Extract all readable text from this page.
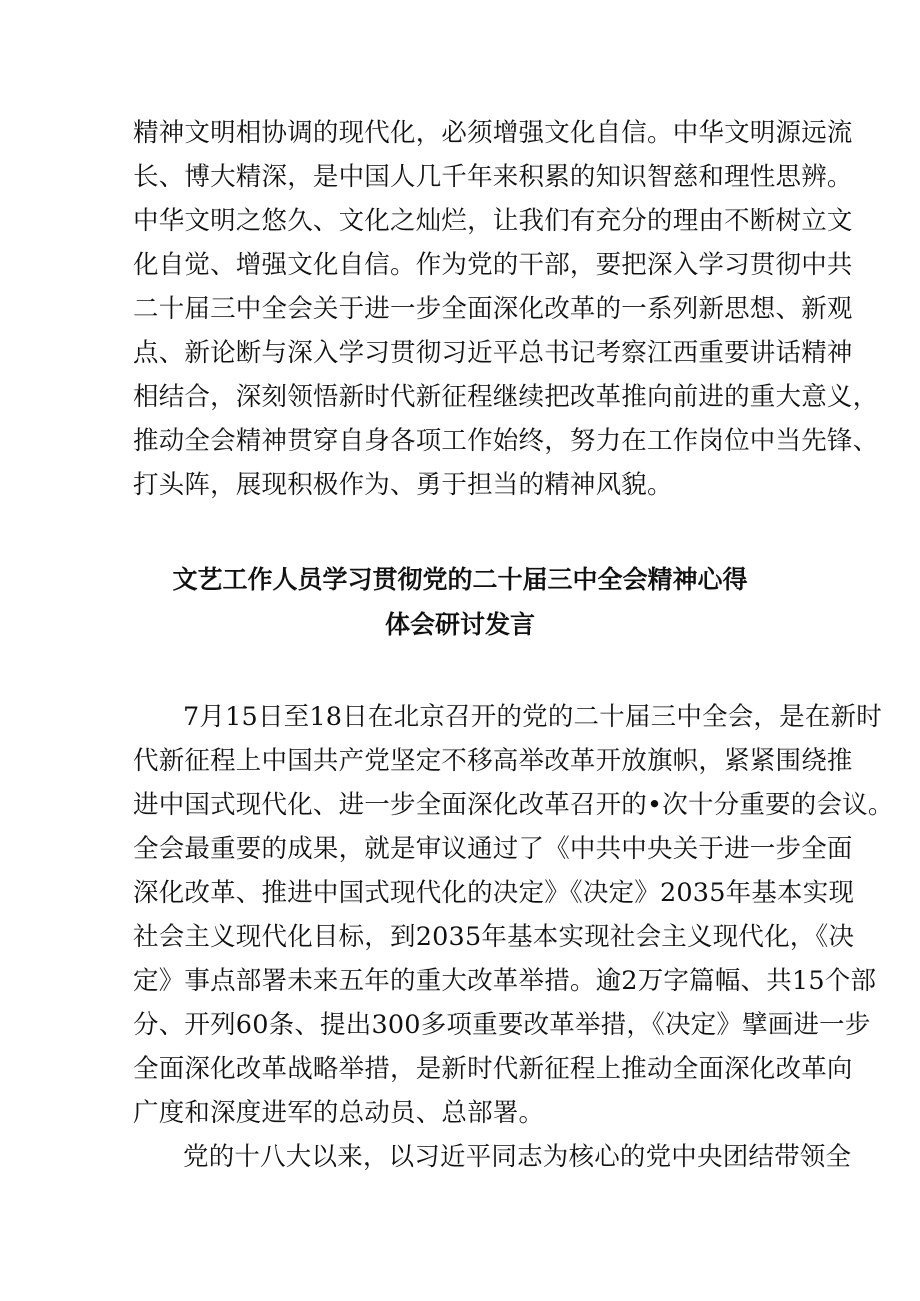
精神文明相协调的现代化，必须增强文化自信。中华文明源远流
长、博大精深，是中国人几千年来积累的知识智慈和理性思辨。
中华文明之悠久、文化之灿烂，让我们有充分的理由不断树立文
化自觉、增强文化自信。作为党的干部，要把深入学习贯彻中共
二十届三中全会关于进一步全面深化改革的一系列新思想、新观
点、新论断与深入学习贯彻习近平总书记考察江西重要讲话精神
相结合，深刻领悟新时代新征程继续把改革推向前进的重大意义，
推动全会精神贯穿自身各项工作始终，努力在工作岗位中当先锋、
打头阵，展现积极作为、勇于担当的精神风貌。
文艺工作人员学习贯彻党的二十届三中全会精神心得
体会研讨发言
7月15日至18日在北京召开的党的二十届三中全会，是在新时
代新征程上中国共产党坚定不移高举改革开放旗帜，紧紧围绕推
进中国式现代化、进一步全面深化改革召开的•次十分重要的会议。
全会最重要的成果，就是审议通过了《中共中央关于进一步全面
深化改革、推进中国式现代化的决定》《决定》2035年基本实现
社会主义现代化目标，到2035年基本实现社会主义现代化，《决
定》事点部署未来五年的重大改革举措。逾2万字篇幅、共15个部
分、开列60条、提出300多项重要改革举措，《决定》擘画进一步
全面深化改革战略举措，是新时代新征程上推动全面深化改革向
广度和深度进军的总动员、总部署。
党的十八大以来，以习近平同志为核心的党中央团结带领全
